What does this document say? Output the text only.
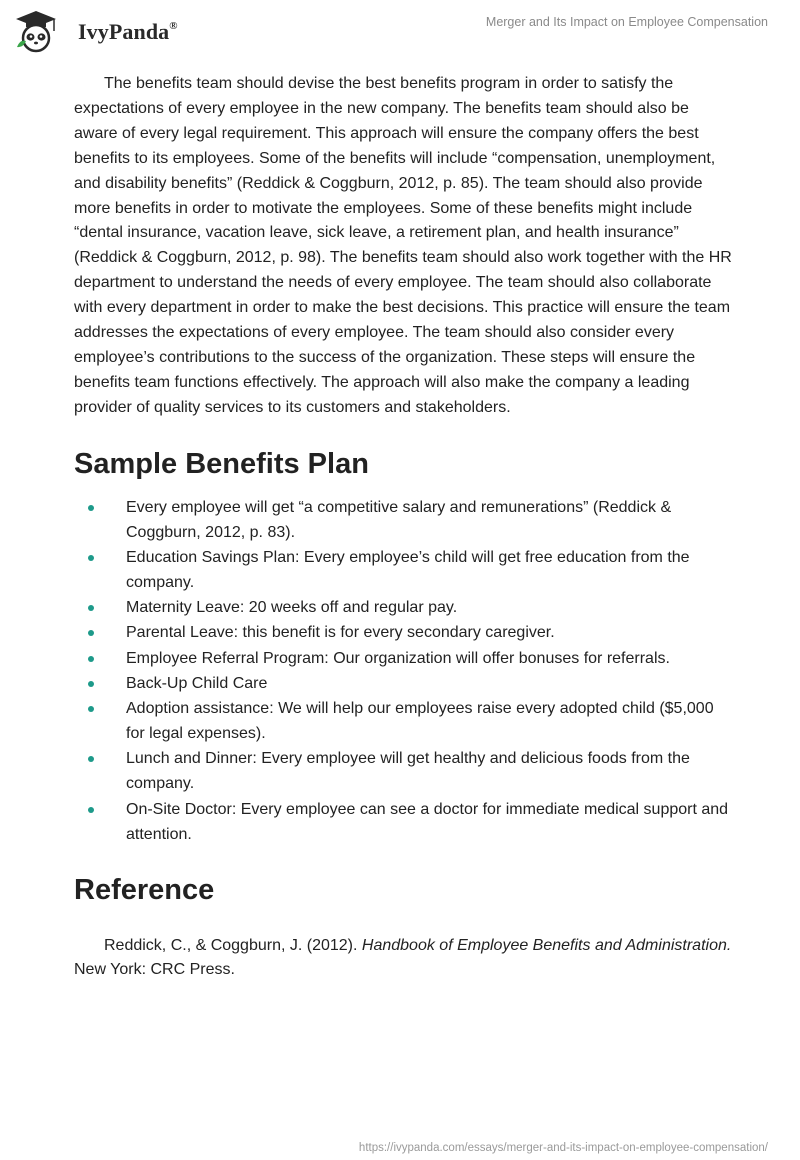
IvyPanda®	Merger and Its Impact on Employee Compensation

The benefits team should devise the best benefits program in order to satisfy the expectations of every employee in the new company. The benefits team should also be aware of every legal requirement. This approach will ensure the company offers the best benefits to its employees. Some of the benefits will include “compensation, unemployment, and disability benefits” (Reddick & Coggburn, 2012, p. 85). The team should also provide more benefits in order to motivate the employees. Some of these benefits might include “dental insurance, vacation leave, sick leave, a retirement plan, and health insurance” (Reddick & Coggburn, 2012, p. 98). The benefits team should also work together with the HR department to understand the needs of every employee. The team should also collaborate with every department in order to make the best decisions. This practice will ensure the team addresses the expectations of every employee. The team should also consider every employee’s contributions to the success of the organization. These steps will ensure the benefits team functions effectively. The approach will also make the company a leading provider of quality services to its customers and stakeholders.

Sample Benefits Plan
Every employee will get “a competitive salary and remunerations” (Reddick & Coggburn, 2012, p. 83).
Education Savings Plan: Every employee’s child will get free education from the company.
Maternity Leave: 20 weeks off and regular pay.
Parental Leave: this benefit is for every secondary caregiver.
Employee Referral Program: Our organization will offer bonuses for referrals.
Back-Up Child Care
Adoption assistance: We will help our employees raise every adopted child ($5,000 for legal expenses).
Lunch and Dinner: Every employee will get healthy and delicious foods from the company.
On-Site Doctor: Every employee can see a doctor for immediate medical support and attention.
Reference

Reddick, C., & Coggburn, J. (2012). Handbook of Employee Benefits and Administration. New York: CRC Press.

https://ivypanda.com/essays/merger-and-its-impact-on-employee-compensation/
